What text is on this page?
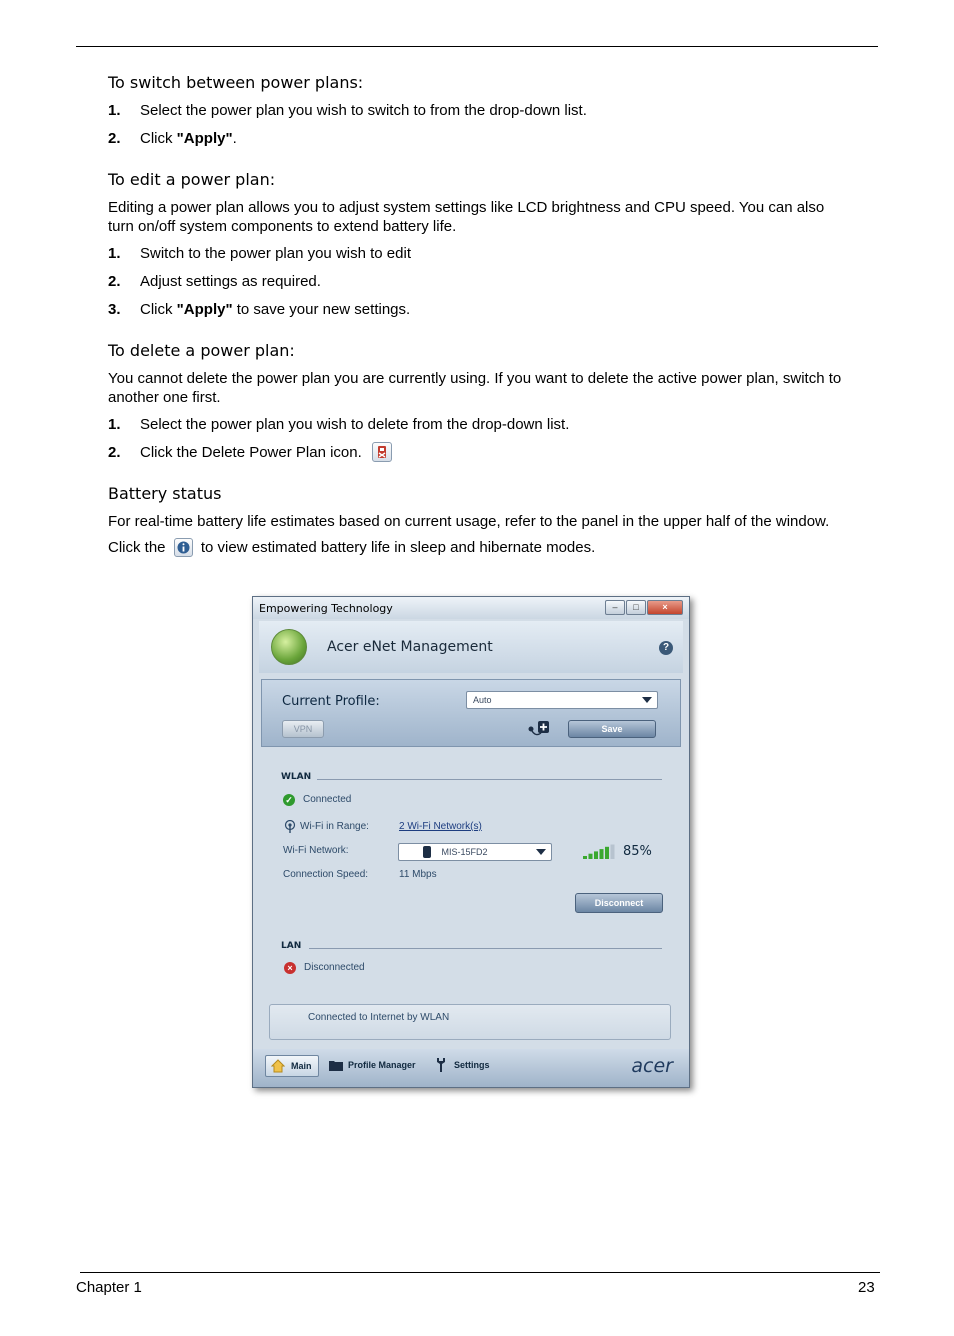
To switch between power plans:
1. Select the power plan you wish to switch to from the drop-down list.
2. Click "Apply".
To edit a power plan:

Editing a power plan allows you to adjust system settings like LCD brightness and CPU speed. You can also
turn on/off system components to extend battery life.

1. Switch to the power plan you wish to edit
2. Adjust settings as required.
3. Click "Apply" to save your new settings.
To delete a power plan:

You cannot delete the power plan you are currently using. If you want to delete the active power plan, switch to
another one first.

1. Select the power plan you wish to delete from the drop-down list.
2. Click the Delete Power Plan icon.
Battery status

For real-time battery life estimates based on current usage, refer to the panel in the upper half of the window.

Click the to view estimated battery life in sleep and hibernate modes.

Empowering Technology	–	□	×
Acer eNet Management	?
Current Profile:	Auto
VPN	Save
WLAN
✓ Connected
Wi-Fi in Range:	2 Wi-Fi Network(s)
Wi-Fi Network:	MIS-15FD2	85%
Connection Speed:	11 Mbps
Disconnect
LAN
×	Disconnected
Connected to Internet by WLAN
Main	Profile Manager	Settings	acer
Chapter 1	23
